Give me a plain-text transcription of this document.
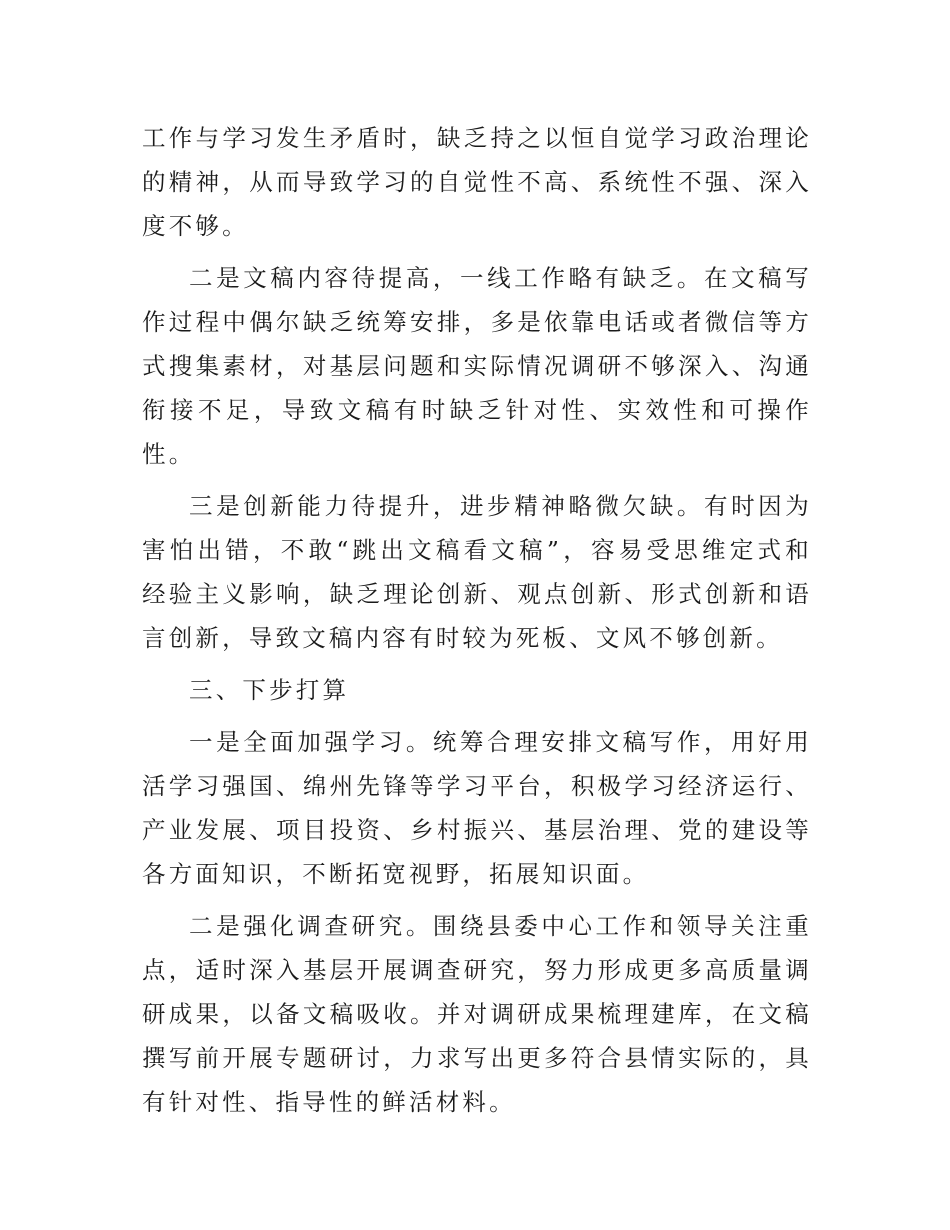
工作与学习发生矛盾时，缺乏持之以恒自觉学习政治理论的精神，从而导致学习的自觉性不高、系统性不强、深入度不够。

二是文稿内容待提高，一线工作略有缺乏。在文稿写作过程中偶尔缺乏统筹安排，多是依靠电话或者微信等方式搜集素材，对基层问题和实际情况调研不够深入、沟通衔接不足，导致文稿有时缺乏针对性、实效性和可操作性。

三是创新能力待提升，进步精神略微欠缺。有时因为害怕出错，不敢“跳出文稿看文稿”，容易受思维定式和经验主义影响，缺乏理论创新、观点创新、形式创新和语言创新，导致文稿内容有时较为死板、文风不够创新。

三、下步打算

一是全面加强学习。统筹合理安排文稿写作，用好用活学习强国、绵州先锋等学习平台，积极学习经济运行、产业发展、项目投资、乡村振兴、基层治理、党的建设等各方面知识，不断拓宽视野，拓展知识面。

二是强化调查研究。围绕县委中心工作和领导关注重点，适时深入基层开展调查研究，努力形成更多高质量调研成果，以备文稿吸收。并对调研成果梳理建库，在文稿撰写前开展专题研讨，力求写出更多符合县情实际的，具有针对性、指导性的鲜活材料。
